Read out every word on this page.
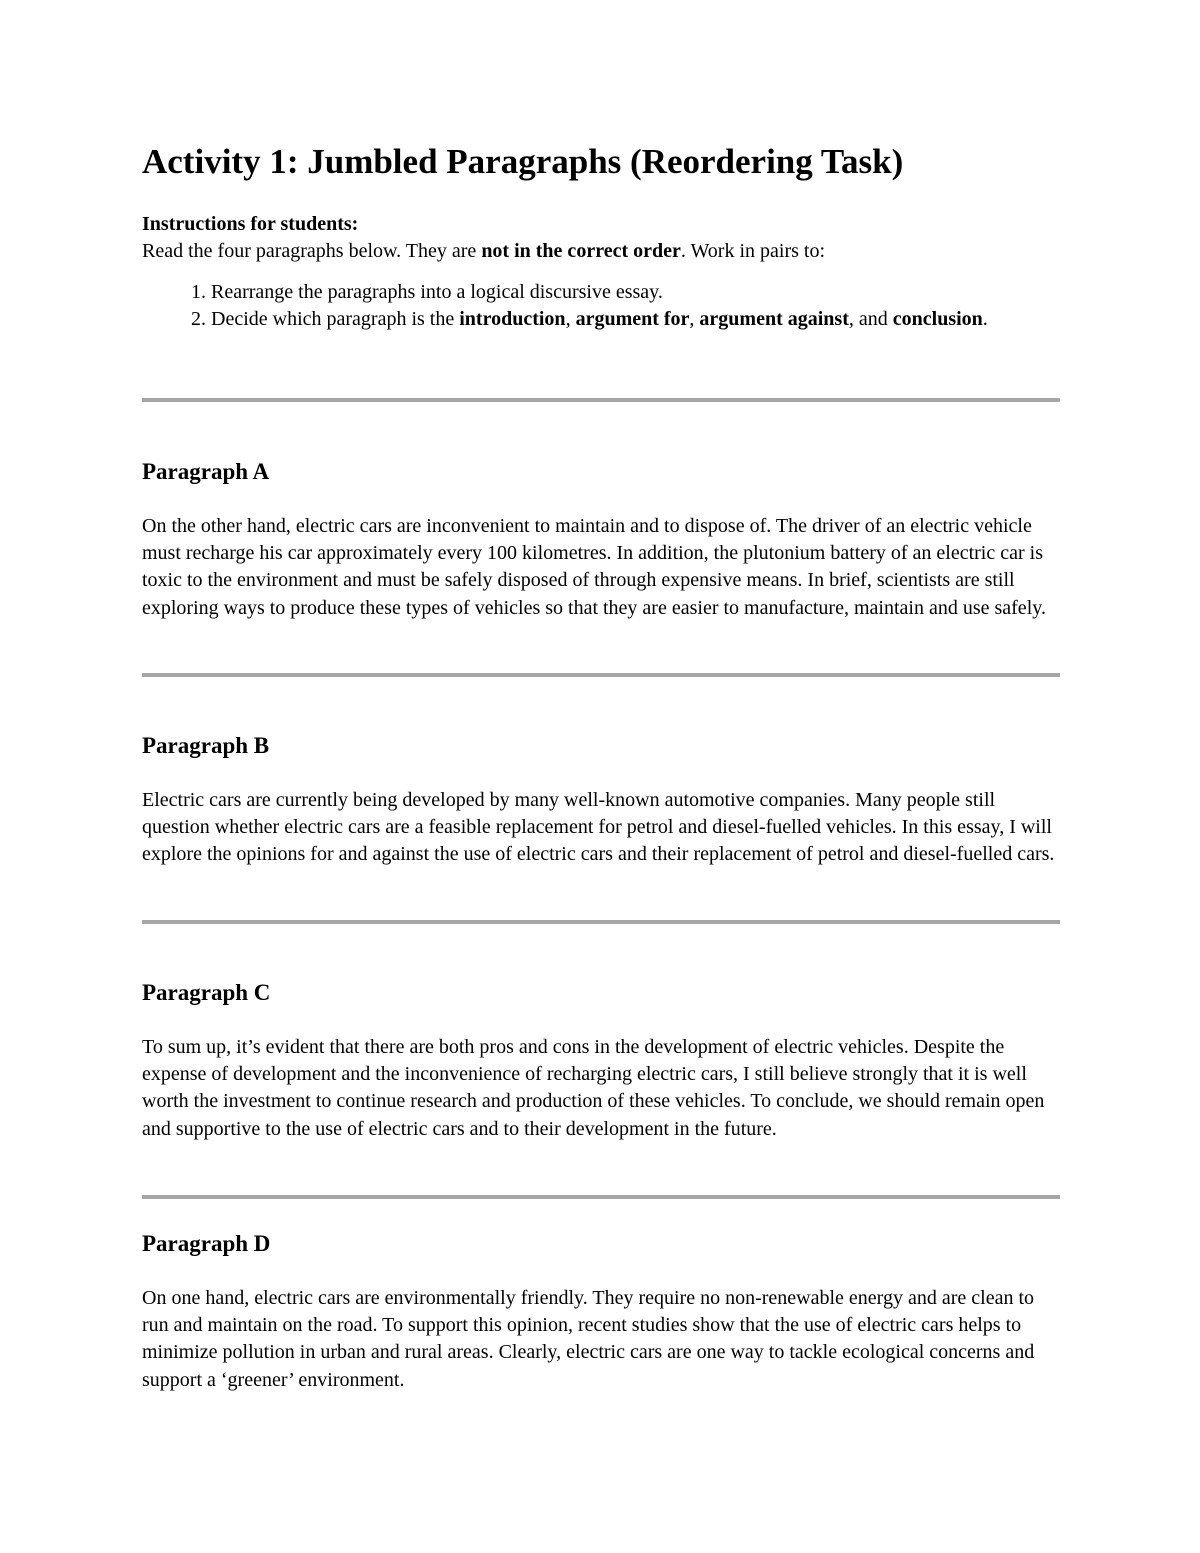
Activity 1: Jumbled Paragraphs (Reordering Task)

Instructions for students:

Read the four paragraphs below. They are not in the correct order. Work in pairs to:

1. Rearrange the paragraphs into a logical discursive essay.
2. Decide which paragraph is the introduction, argument for, argument against, and conclusion.
Paragraph A

On the other hand, electric cars are inconvenient to maintain and to dispose of. The driver of an electric vehicle must recharge his car approximately every 100 kilometres. In addition, the plutonium battery of an electric car is toxic to the environment and must be safely disposed of through expensive means. In brief, scientists are still exploring ways to produce these types of vehicles so that they are easier to manufacture, maintain and use safely.

Paragraph B

Electric cars are currently being developed by many well-known automotive companies. Many people still question whether electric cars are a feasible replacement for petrol and diesel-fuelled vehicles. In this essay, I will explore the opinions for and against the use of electric cars and their replacement of petrol and diesel-fuelled cars.

Paragraph C

To sum up, it’s evident that there are both pros and cons in the development of electric vehicles. Despite the expense of development and the inconvenience of recharging electric cars, I still believe strongly that it is well worth the investment to continue research and production of these vehicles. To conclude, we should remain open and supportive to the use of electric cars and to their development in the future.

Paragraph D

On one hand, electric cars are environmentally friendly. They require no non-renewable energy and are clean to run and maintain on the road. To support this opinion, recent studies show that the use of electric cars helps to minimize pollution in urban and rural areas. Clearly, electric cars are one way to tackle ecological concerns and support a ‘greener’ environment.
